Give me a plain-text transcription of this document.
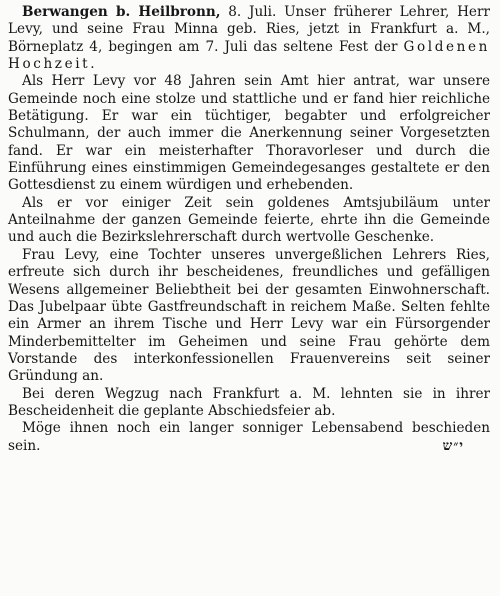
Berwangen b. Heilbronn, 8. Juli. Unser früherer Lehrer, Herr Levy, und seine Frau Minna geb. Ries, jetzt in Frankfurt a. M., Börneplatz 4, begingen am 7. Juli das seltene Fest der Goldenen Hochzeit.

Als Herr Levy vor 48 Jahren sein Amt hier antrat, war unsere Gemeinde noch eine stolze und stattliche und er fand hier reichliche Betätigung. Er war ein tüchtiger, begabter und erfolgreicher Schulmann, der auch immer die Anerkennung seiner Vorgesetzten fand. Er war ein meisterhafter Thoravorleser und durch die Einführung eines einstimmigen Gemeindegesanges gestaltete er den Gottesdienst zu einem würdigen und erhebenden.

Als er vor einiger Zeit sein goldenes Amtsjubiläum unter Anteilnahme der ganzen Gemeinde feierte, ehrte ihn die Gemeinde und auch die Bezirkslehrerschaft durch wertvolle Geschenke.

Frau Levy, eine Tochter unseres unvergeßlichen Lehrers Ries, erfreute sich durch ihr bescheidenes, freundliches und gefälligen Wesens allgemeiner Beliebtheit bei der gesamten Einwohnerschaft. Das Jubelpaar übte Gastfreundschaft in reichem Maße. Selten fehlte ein Armer an ihrem Tische und Herr Levy war ein Fürsorgender Minderbemittelter im Geheimen und seine Frau gehörte dem Vorstande des interkonfessionellen Frauenvereins seit seiner Gründung an.

Bei deren Wegzug nach Frankfurt a. M. lehnten sie in ihrer Bescheidenheit die geplante Abschiedsfeier ab.

Möge ihnen noch ein langer sonniger Lebensabend beschieden sein.	י״ש
